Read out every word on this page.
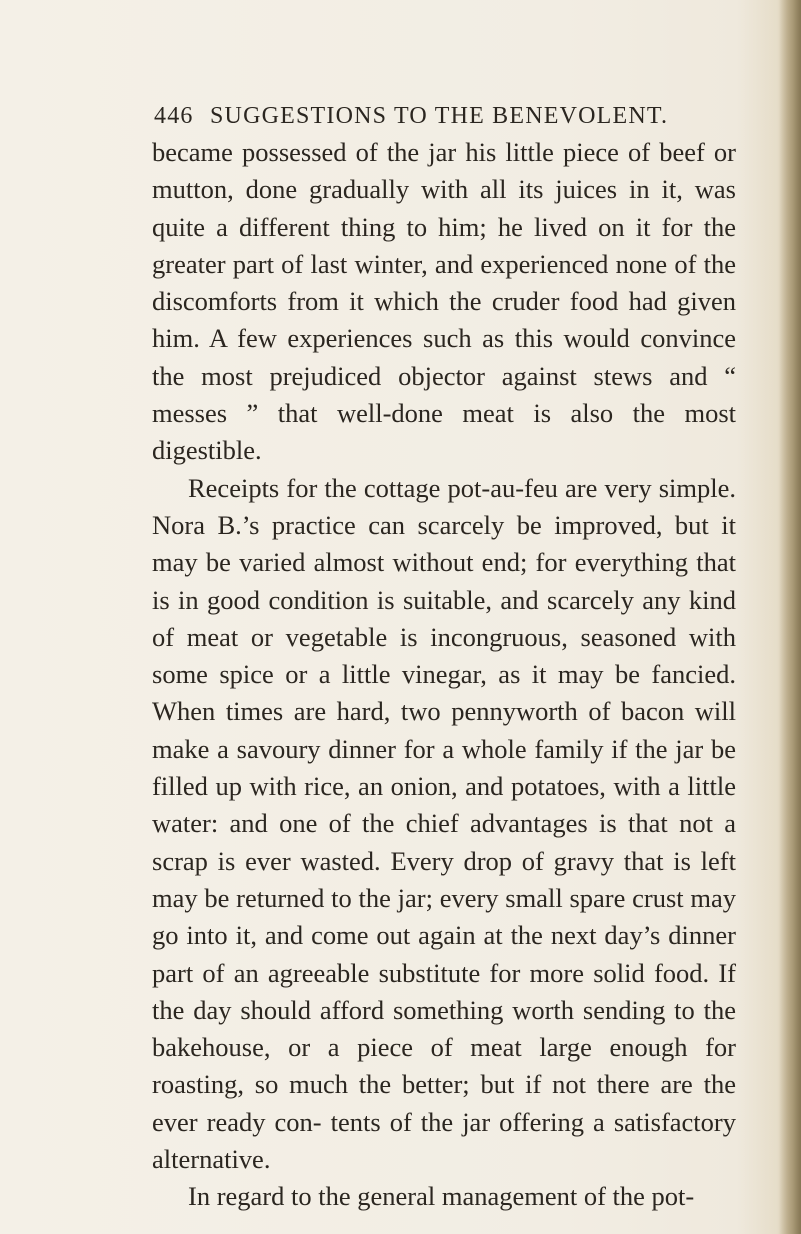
446 SUGGESTIONS TO THE BENEVOLENT.

became possessed of the jar his little piece of beef or mutton, done gradually with all its juices in it, was quite a different thing to him; he lived on it for the greater part of last winter, and experienced none of the discomforts from it which the cruder food had given him. A few experiences such as this would convince the most prejudiced objector against stews and “ messes ” that well-done meat is also the most digestible.

Receipts for the cottage pot-au-feu are very simple. Nora B.’s practice can scarcely be improved, but it may be varied almost without end; for everything that is in good condition is suitable, and scarcely any kind of meat or vegetable is incongruous, seasoned with some spice or a little vinegar, as it may be fancied. When times are hard, two pennyworth of bacon will make a savoury dinner for a whole family if the jar be filled up with rice, an onion, and potatoes, with a little water: and one of the chief advantages is that not a scrap is ever wasted. Every drop of gravy that is left may be returned to the jar; every small spare crust may go into it, and come out again at the next day’s dinner part of an agreeable substitute for more solid food. If the day should afford something worth sending to the bakehouse, or a piece of meat large enough for roasting, so much the better; but if not there are the ever ready con- tents of the jar offering a satisfactory alternative.

In regard to the general management of the pot-
